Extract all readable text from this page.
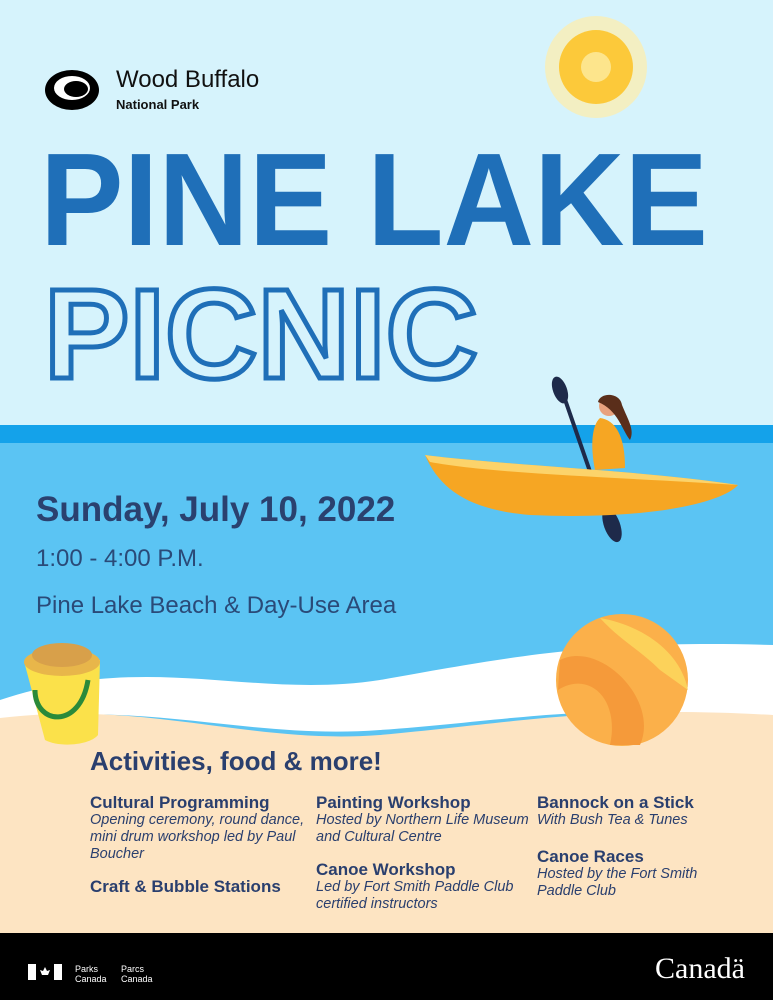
PINE LAKE
PICNIC
Wood Buffalo
National Park
Sunday, July 10, 2022
1:00 - 4:00 P.M.
Pine Lake Beach & Day-Use Area
Activities, food & more!
Cultural Programming

Opening ceremony, round dance, mini drum workshop led by Paul Boucher

Craft & Bubble Stations
Painting Workshop

Hosted by Northern Life Museum and Cultural Centre

Canoe Workshop

Led by Fort Smith Paddle Club certified instructors

Bannock on a Stick

With Bush Tea & Tunes

Canoe Races

Hosted by the Fort Smith Paddle Club

Parks
Canada
Parcs
Canada	Canadä
